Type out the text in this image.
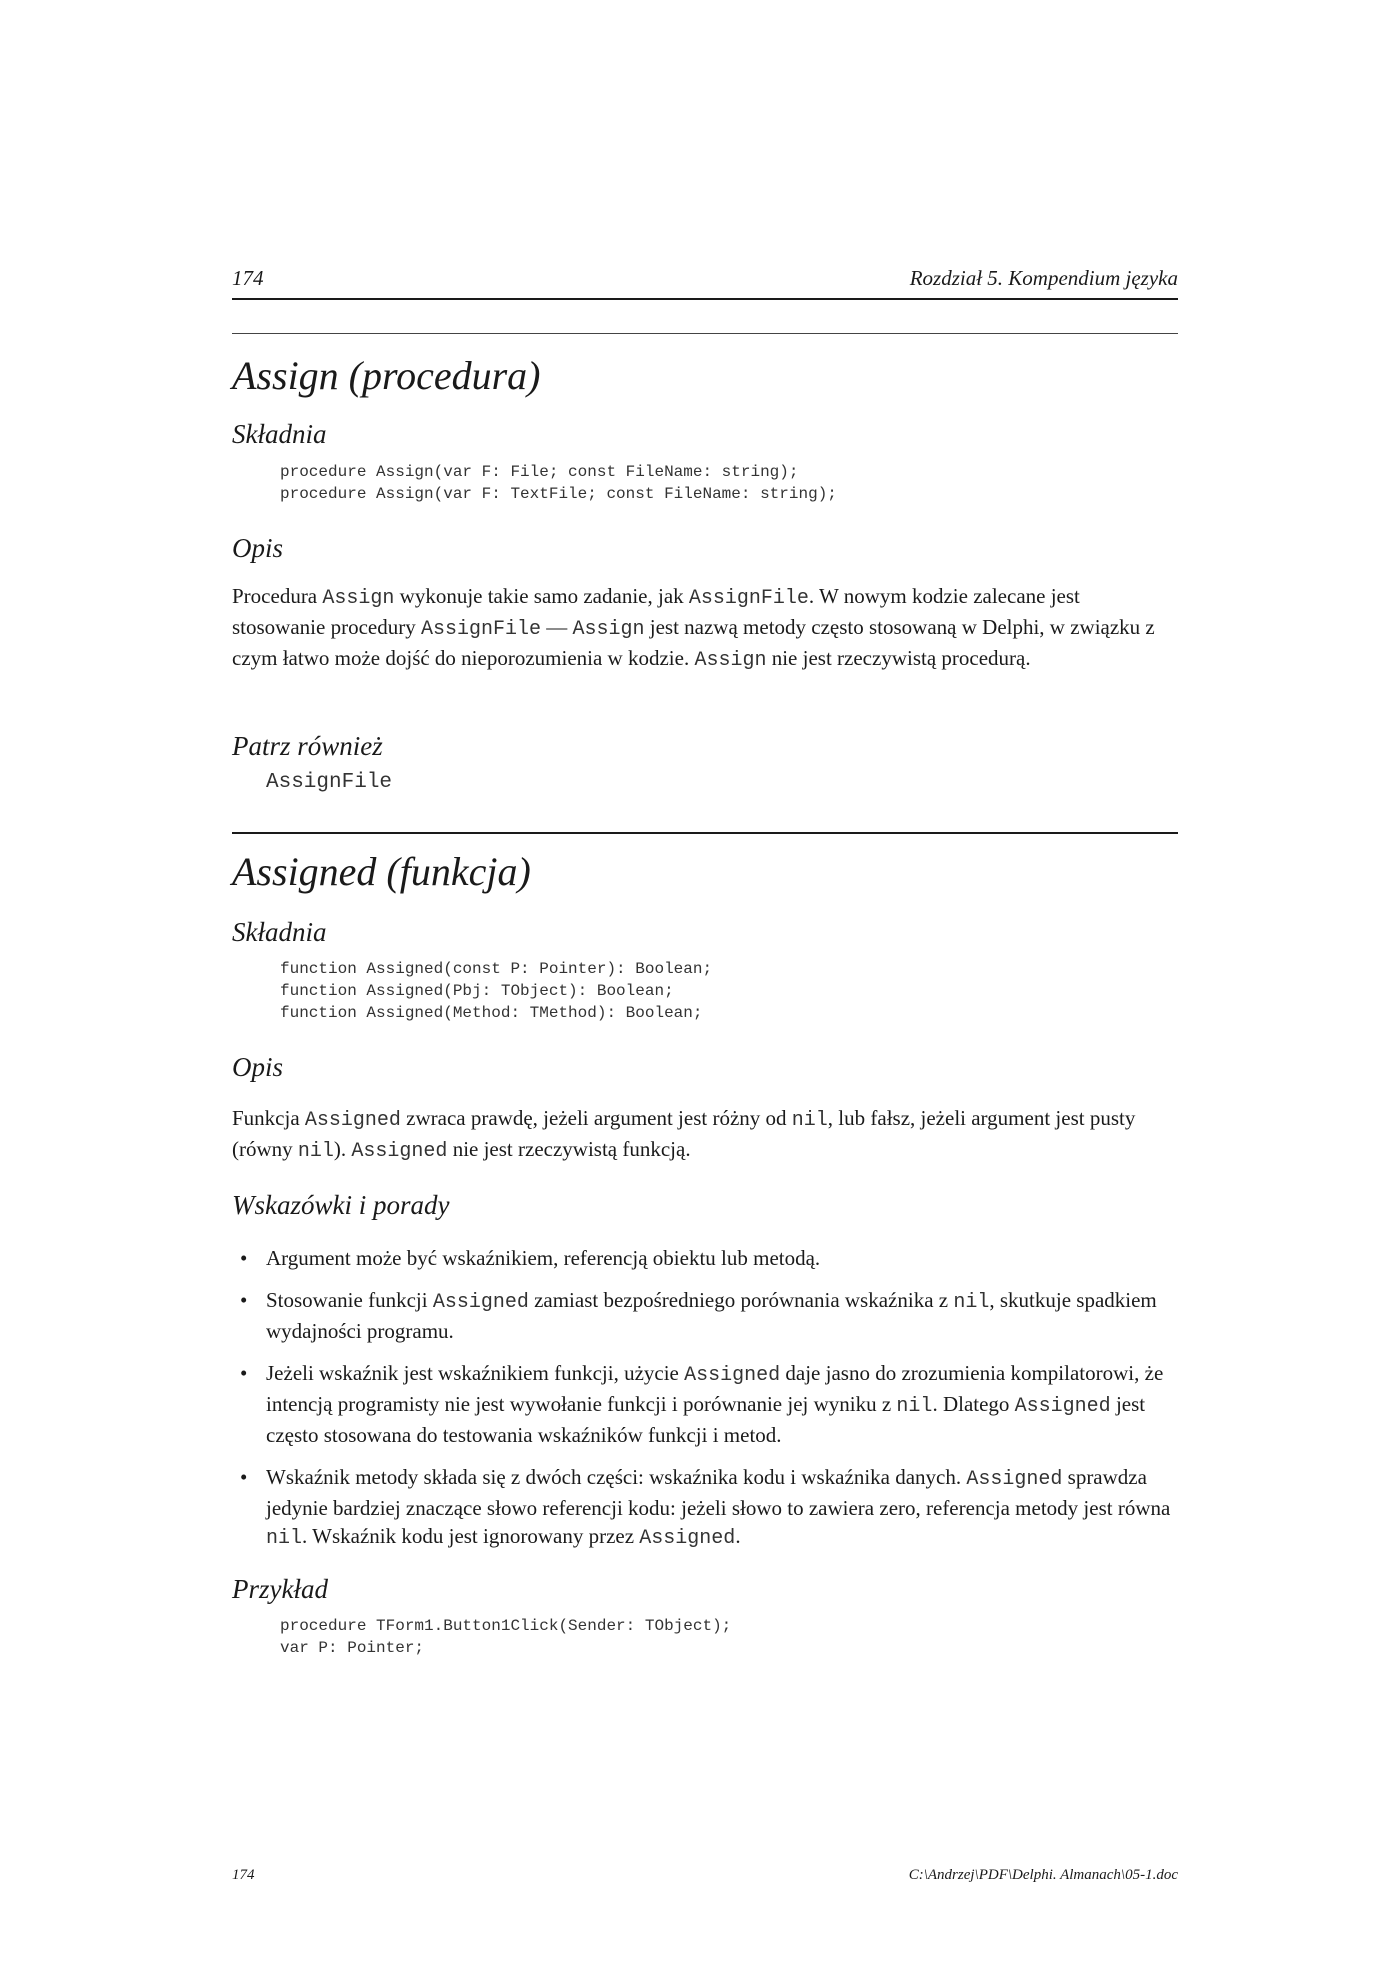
174	Rozdział 5. Kompendium języka
Assign (procedura)
Składnia
procedure Assign(var F: File; const FileName: string);
procedure Assign(var F: TextFile; const FileName: string);
Opis

Procedura Assign wykonuje takie samo zadanie, jak AssignFile. W nowym kodzie zalecane jest stosowanie procedury AssignFile — Assign jest nazwą metody często stosowaną w Delphi, w związku z czym łatwo może dojść do nieporozumienia w kodzie. Assign nie jest rzeczywistą procedurą.

Patrz również
AssignFile
Assigned (funkcja)
Składnia
function Assigned(const P: Pointer): Boolean;
function Assigned(Pbj: TObject): Boolean;
function Assigned(Method: TMethod): Boolean;
Opis

Funkcja Assigned zwraca prawdę, jeżeli argument jest różny od nil, lub fałsz, jeżeli argument jest pusty (równy nil). Assigned nie jest rzeczywistą funkcją.

Wskazówki i porady
• Argument może być wskaźnikiem, referencją obiektu lub metodą.
• Stosowanie funkcji Assigned zamiast bezpośredniego porównania wskaźnika z nil, skutkuje spadkiem wydajności programu.
• Jeżeli wskaźnik jest wskaźnikiem funkcji, użycie Assigned daje jasno do zrozumienia kompilatorowi, że intencją programisty nie jest wywołanie funkcji i porównanie jej wyniku z nil. Dlatego Assigned jest często stosowana do testowania wskaźników funkcji i metod.
• Wskaźnik metody składa się z dwóch części: wskaźnika kodu i wskaźnika danych. Assigned sprawdza jedynie bardziej znaczące słowo referencji kodu: jeżeli słowo to zawiera zero, referencja metody jest równa nil. Wskaźnik kodu jest ignorowany przez Assigned.
Przykład
procedure TForm1.Button1Click(Sender: TObject);
var P: Pointer;
174	C:\Andrzej\PDF\Delphi. Almanach\05-1.doc
